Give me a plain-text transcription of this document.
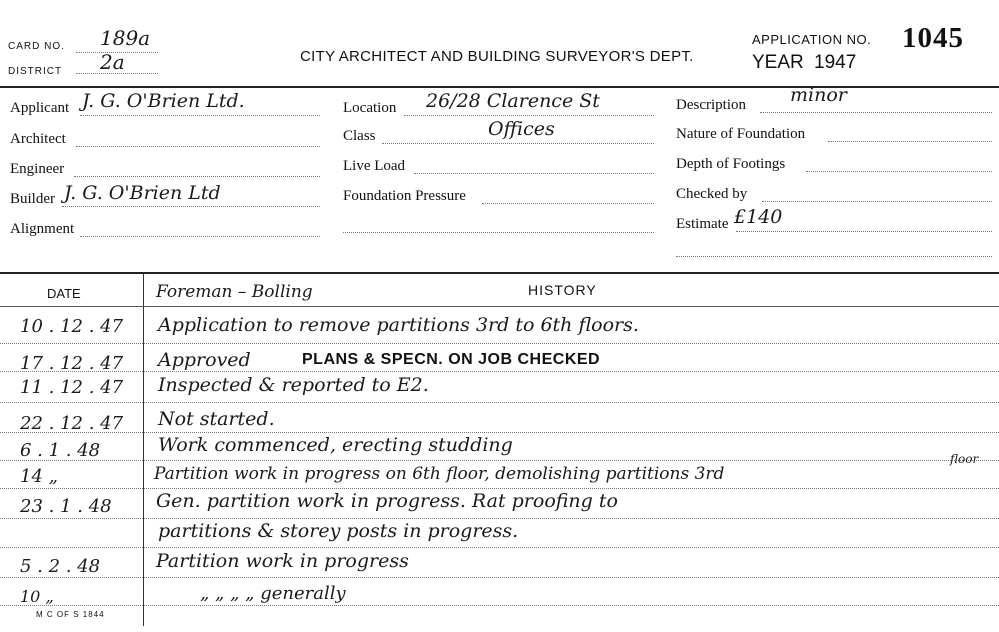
CARD NO. 189a
DISTRICT 2a	CITY ARCHITECT AND BUILDING SURVEYOR'S DEPT.
APPLICATION NO. 1045
YEAR 1947
Applicant J. G. O'Brien Ltd.
Architect
Engineer
Builder J. G. O'Brien Ltd
Alignment
Location 26/28 Clarence St
Class	Offices
Live Load
Foundation Pressure
Description minor
Nature of Foundation
Depth of Footings
Checked by
Estimate £140
DATE	Foreman – Bolling	HISTORY
10 . 12 . 47 Application to remove partitions 3rd to 6th floors.
17 . 12 . 47 Approved	PLANS & SPECN. ON JOB CHECKED
11 . 12 . 47 Inspected & reported to E2.
22 . 12 . 47 Not started.
6 . 1 . 48	Work commenced, erecting studding
14 „	Partition work in progress on 6th floor, demolishing partitions 3rd
floor
23 . 1 . 48 Gen. partition work in progress. Rat proofing to
partitions & storey posts in progress.
5 . 2 . 48	Partition work in progress
10 „	„ „ „ „ generally
M C OF S 1844
